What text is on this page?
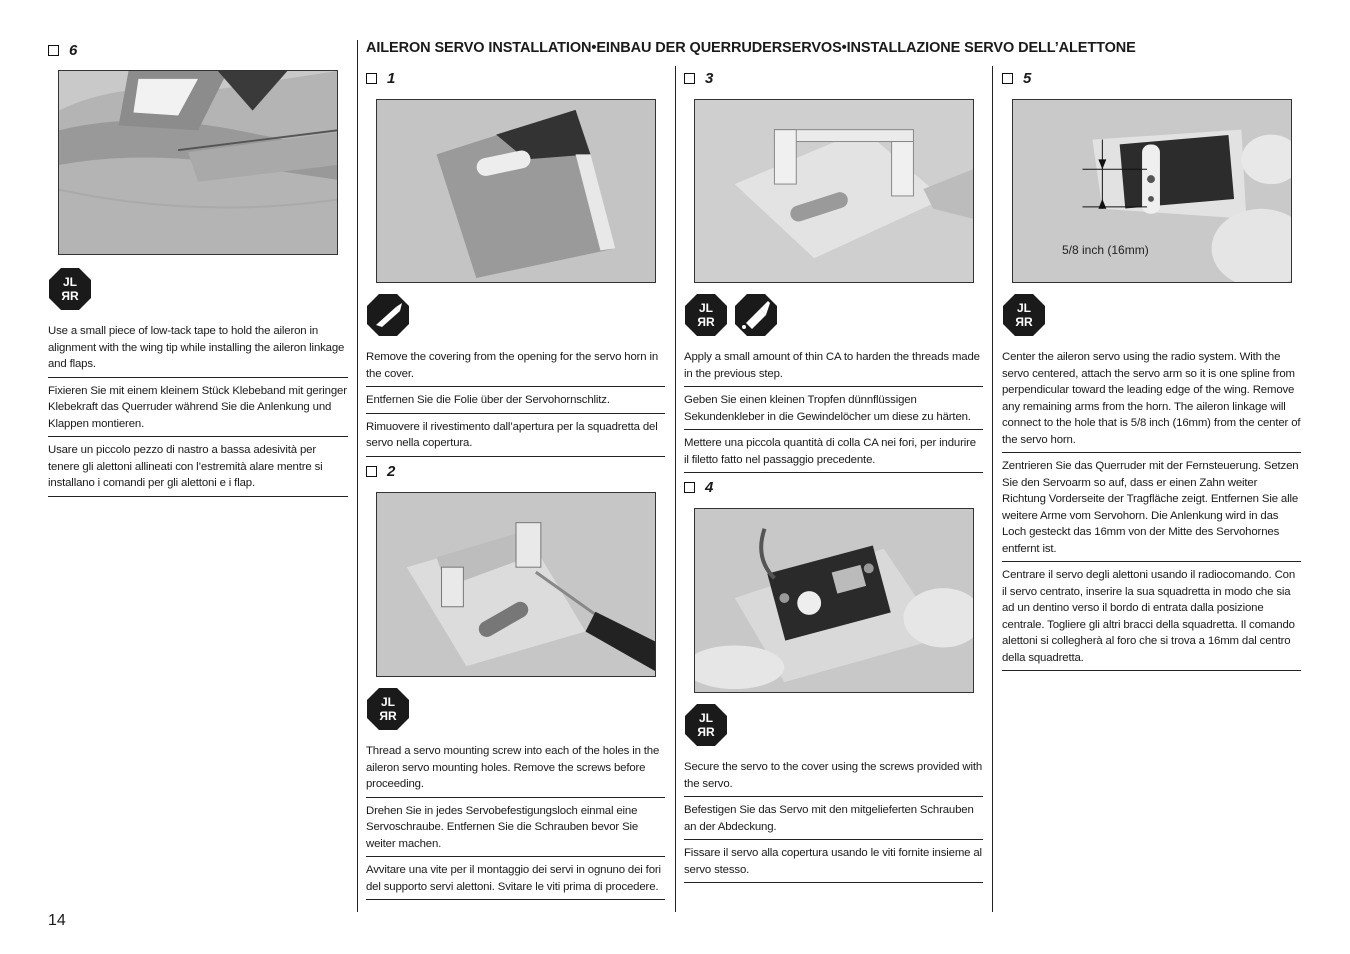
AILERON SERVO INSTALLATION•EINBAU DER QUERRUDERSERVOS•INSTALLAZIONE SERVO DELL’ALETTONE
6
JL
ЯR

Use a small piece of low-tack tape to hold the aileron in alignment with the wing tip while installing the aileron linkage and flaps.

Fixieren Sie mit einem kleinem Stück Klebeband mit geringer Klebekraft das Querruder während Sie die Anlenkung und Klappen montieren.

Usare un piccolo pezzo di nastro a bassa adesività per tenere gli alettoni allineati con l’estremità alare mentre si installano i comandi per gli alettoni e i flap.

1

Remove the covering from the opening for the servo horn in the cover.

Entfernen Sie die Folie über der Servohornschlitz.

Rimuovere il rivestimento dall’apertura per la squadretta del servo nella copertura.

2
JL
ЯR

Thread a servo mounting screw into each of the holes in the aileron servo mounting holes. Remove the screws before proceeding.

Drehen Sie in jedes Servobefestigungsloch einmal eine Servoschraube. Entfernen Sie die Schrauben bevor Sie weiter machen.

Avvitare una vite per il montaggio dei servi in ognuno dei fori del supporto servi alettoni. Svitare le viti prima di procedere.

3
JL
ЯR

Apply a small amount of thin CA to harden the threads made in the previous step.

Geben Sie einen kleinen Tropfen dünnflüssigen Sekundenkleber in die Gewindelöcher um diese zu härten.

Mettere una piccola quantità di colla CA nei fori, per indurire il filetto fatto nel passaggio precedente.

4
JL
ЯR

Secure the servo to the cover using the screws provided with the servo.

Befestigen Sie das Servo mit den mitgelieferten Schrauben an der Abdeckung.

Fissare il servo alla copertura usando le viti fornite insieme al servo stesso.

5
5/8 inch (16mm)
JL
ЯR

Center the aileron servo using the radio system. With the servo centered, attach the servo arm so it is one spline from perpendicular toward the leading edge of the wing. Remove any remaining arms from the horn. The aileron linkage will connect to the hole that is 5/8 inch (16mm) from the center of the servo horn.

Zentrieren Sie das Querruder mit der Fernsteuerung. Setzen Sie den Servoarm so auf, dass er einen Zahn weiter Richtung Vorderseite der Tragfläche zeigt. Entfernen Sie alle weitere Arme vom Servohorn. Die Anlenkung wird in das Loch gesteckt das 16mm von der Mitte des Servohornes entfernt ist.

Centrare il servo degli alettoni usando il radiocomando. Con il servo centrato, inserire la sua squadretta in modo che sia ad un dentino verso il bordo di entrata dalla posizione centrale. Togliere gli altri bracci della squadretta. Il comando alettoni si collegherà al foro che si trova a 16mm dal centro della squadretta.

14
